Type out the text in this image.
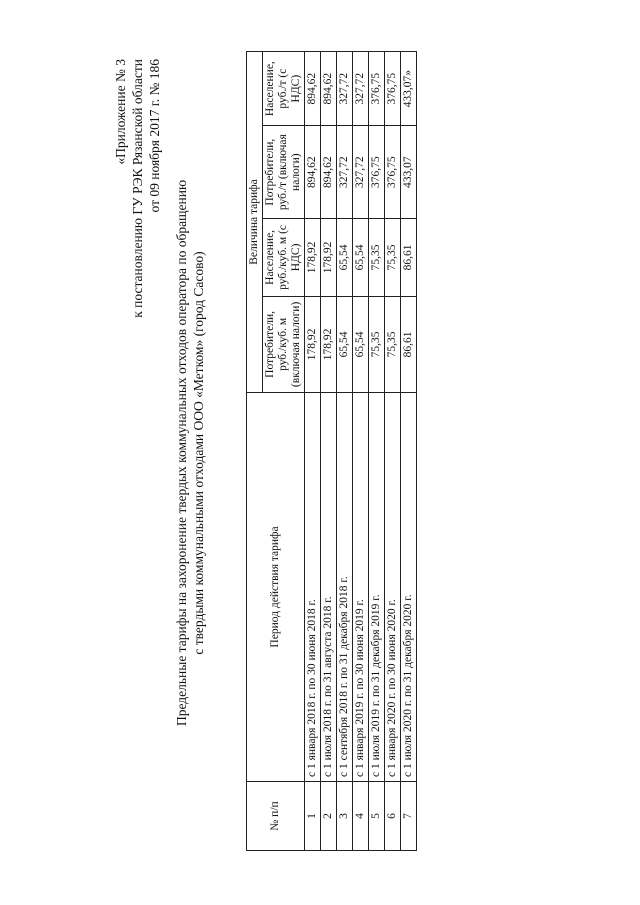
«Приложение № 3 к постановлению ГУ РЭК Рязанской области от 09 ноября 2017 г. № 186
Предельные тарифы на захоронение твердых коммунальных отходов оператора по обращению с твердыми коммунальными отходами ООО «Метком» (город Сасово)
№ п/п	Период действия тарифа	Величина тарифа			
		Потребители, руб./куб. м (включая налоги)	Население, руб./куб. м (с НДС)	Потребители, руб./т (включая налоги)	Население, руб./т (с НДС)
1	с 1 января 2018 г. по 30 июня 2018 г.	178,92	178,92	894,62	894,62
2	с 1 июля 2018 г. по 31 августа 2018 г.	178,92	178,92	894,62	894,62
3	с 1 сентября 2018 г. по 31 декабря 2018 г.	65,54	65,54	327,72	327,72
4	с 1 января 2019 г. по 30 июня 2019 г.	65,54	65,54	327,72	327,72
5	с 1 июля 2019 г. по 31 декабря 2019 г.	75,35	75,35	376,75	376,75
6	с 1 января 2020 г. по 30 июня 2020 г.	75,35	75,35	376,75	376,75
7	с 1 июля 2020 г. по 31 декабря 2020 г.	86,61	86,61	433,07	433,07»
